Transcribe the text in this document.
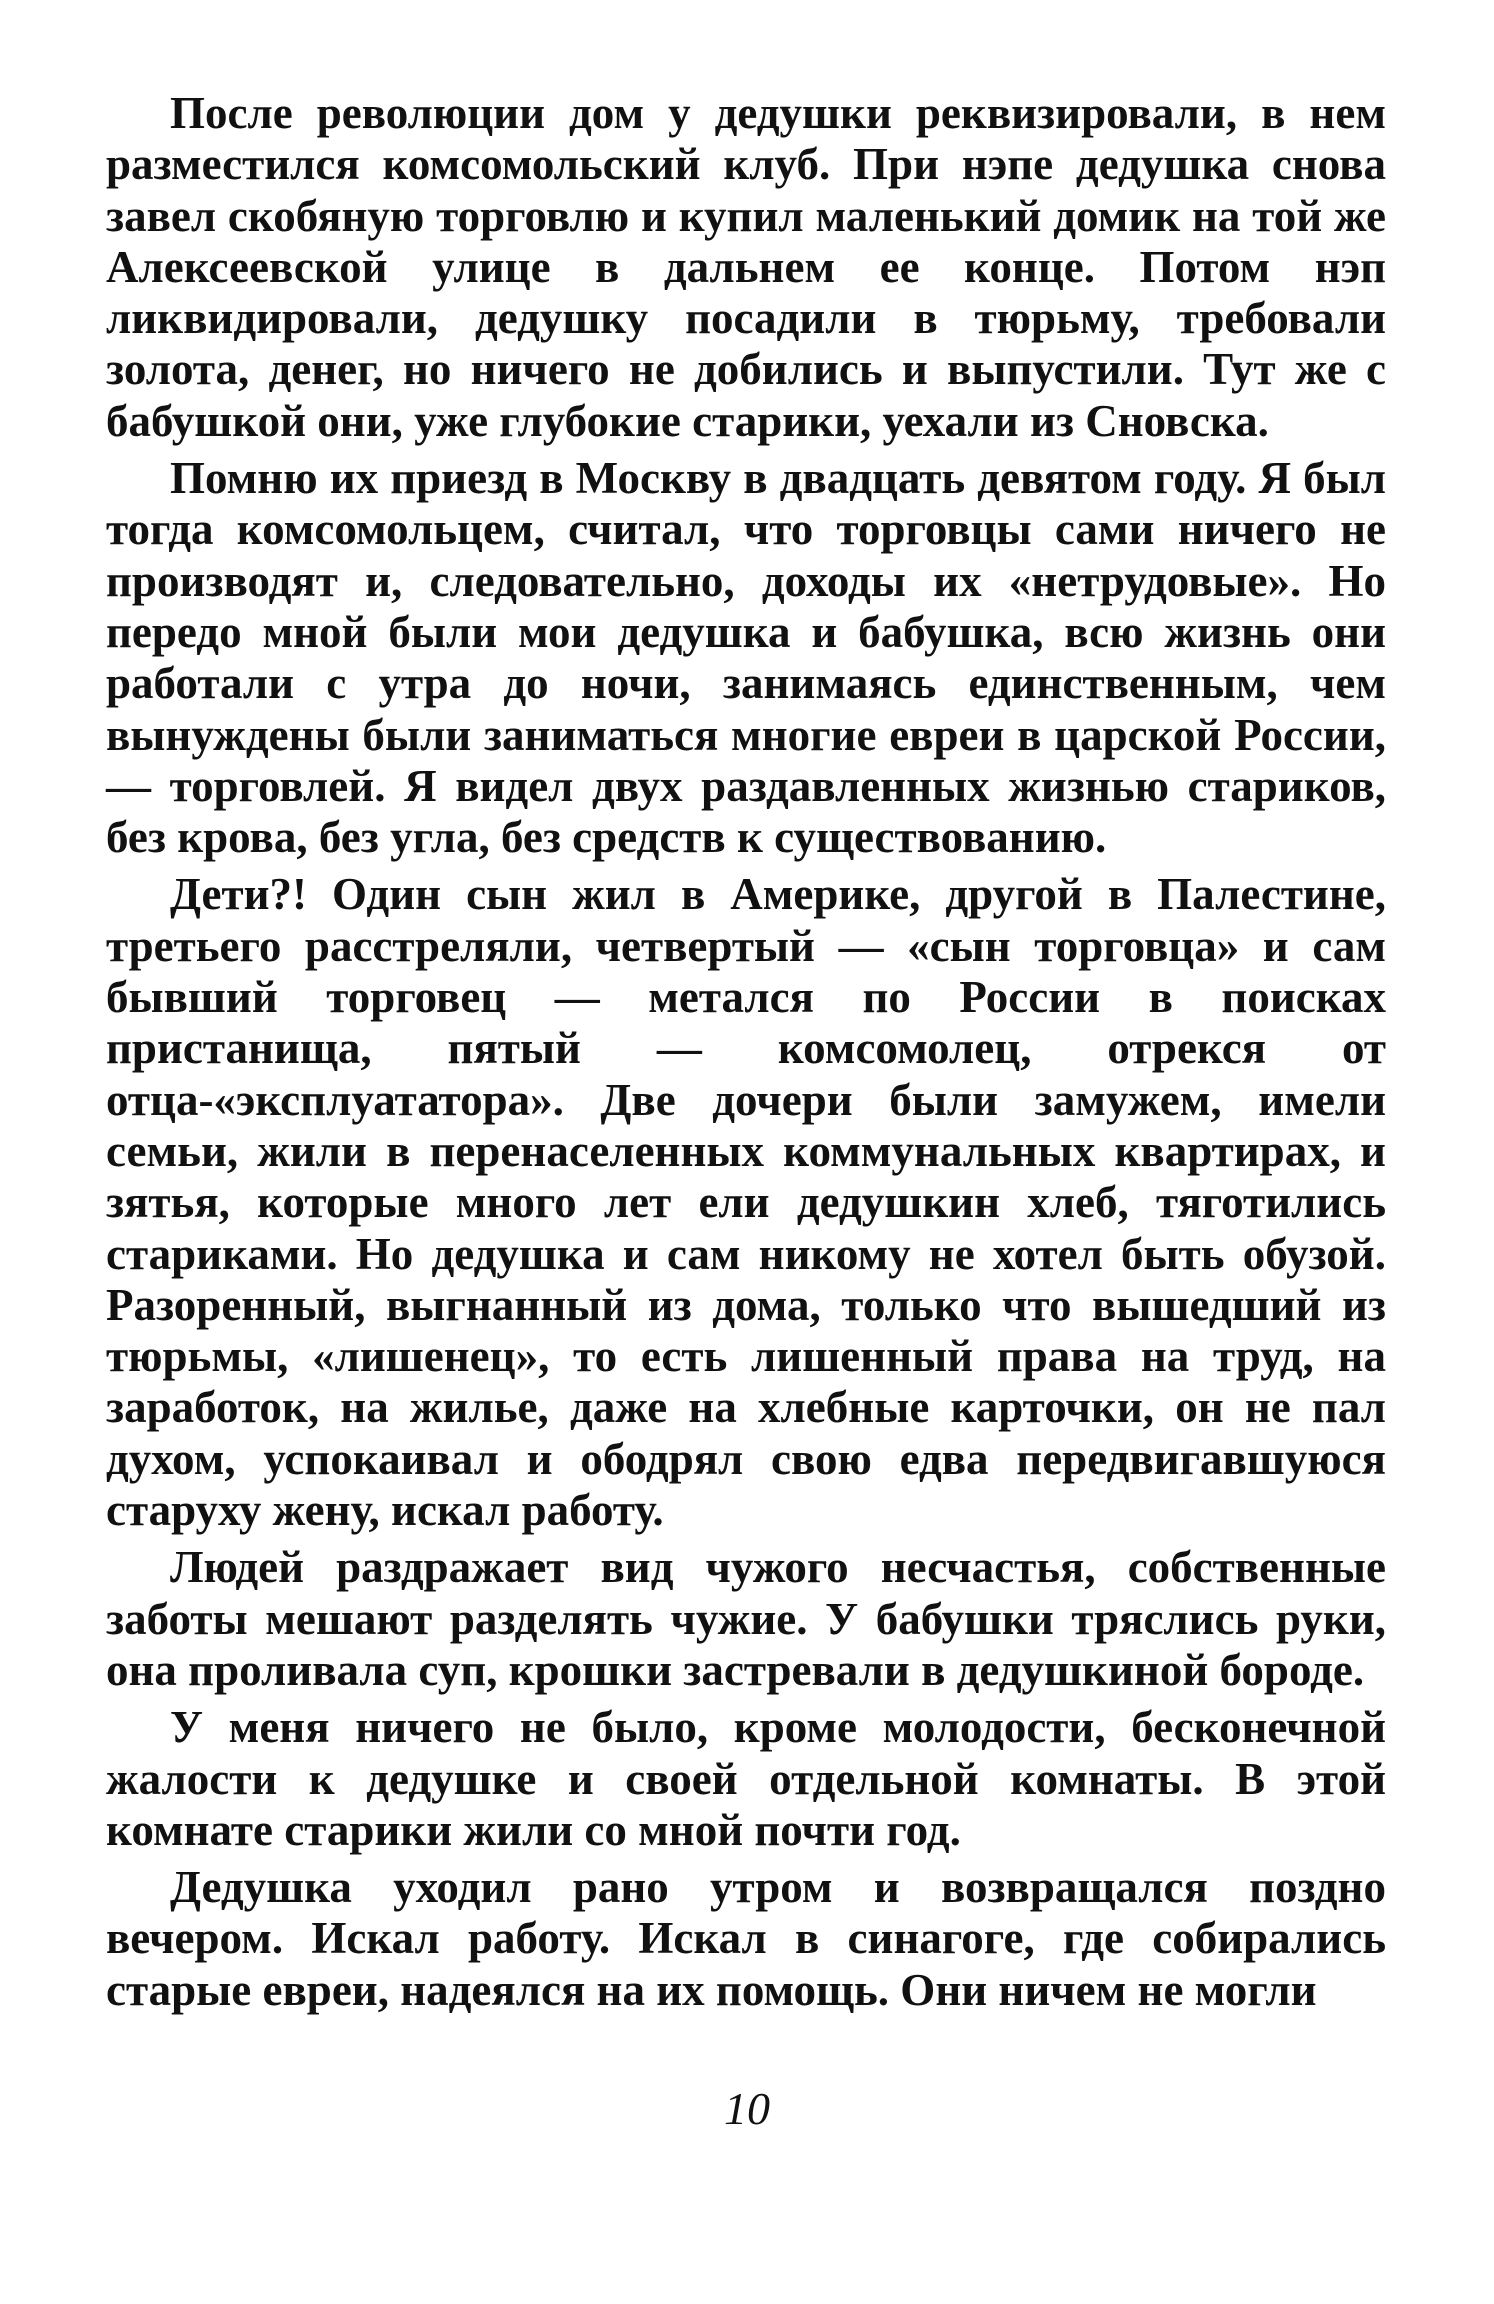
После революции дом у дедушки реквизировали, в нем разместился комсомольский клуб. При нэпе дедушка снова завел скобяную торговлю и купил маленький домик на той же Алексеевской улице в дальнем ее конце. Потом нэп ликвидировали, дедушку посадили в тюрьму, требовали золота, денег, но ничего не добились и выпустили. Тут же с бабушкой они, уже глубокие старики, уехали из Сновска.

Помню их приезд в Москву в двадцать девятом году. Я был тогда комсомольцем, считал, что торговцы сами ничего не производят и, следовательно, доходы их «нетрудовые». Но передо мной были мои дедушка и бабушка, всю жизнь они работали с утра до ночи, занимаясь единственным, чем вынуждены были заниматься многие евреи в царской России, — торговлей. Я видел двух раздавленных жизнью стариков, без крова, без угла, без средств к существованию.

Дети?! Один сын жил в Америке, другой в Палестине, третьего расстреляли, четвертый — «сын торговца» и сам бывший торговец — метался по России в поисках пристанища, пятый — комсомолец, отрекся от отца-«эксплуататора». Две дочери были замужем, имели семьи, жили в перенаселенных коммунальных квартирах, и зятья, которые много лет ели дедушкин хлеб, тяготились стариками. Но дедушка и сам никому не хотел быть обузой. Разоренный, выгнанный из дома, только что вышедший из тюрьмы, «лишенец», то есть лишенный права на труд, на заработок, на жилье, даже на хлебные карточки, он не пал духом, успокаивал и ободрял свою едва передвигавшуюся старуху жену, искал работу.

Людей раздражает вид чужого несчастья, собственные заботы мешают разделять чужие. У бабушки тряслись руки, она проливала суп, крошки застревали в дедушкиной бороде.

У меня ничего не было, кроме молодости, бесконечной жалости к дедушке и своей отдельной комнаты. В этой комнате старики жили со мной почти год.

Дедушка уходил рано утром и возвращался поздно вечером. Искал работу. Искал в синагоге, где собирались старые евреи, надеялся на их помощь. Они ничем не могли

10
